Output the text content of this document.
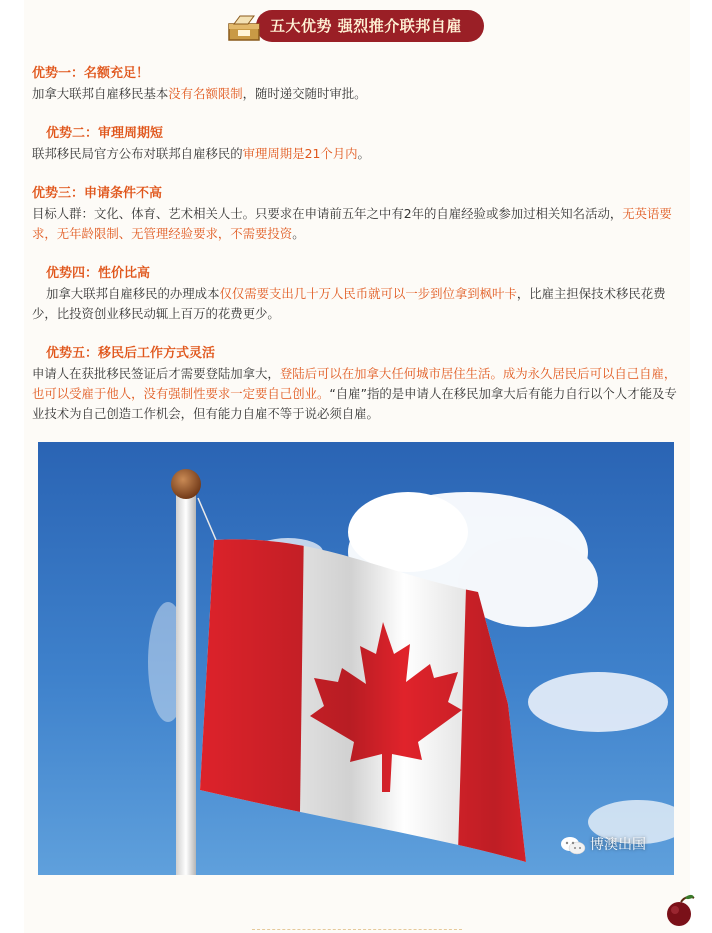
五大优势 强烈推介联邦自雇
优势一：名额充足！

加拿大联邦自雇移民基本没有名额限制，随时递交随时审批。

优势二：审理周期短

联邦移民局官方公布对联邦自雇移民的审理周期是21个月内。

优势三：申请条件不高

目标人群：文化、体育、艺术相关人士。只要求在申请前五年之中有2年的自雇经验或参加过相关知名活动，无英语要求，无年龄限制、无管理经验要求，不需要投资。

优势四：性价比高

加拿大联邦自雇移民的办理成本仅仅需要支出几十万人民币就可以一步到位拿到枫叶卡，比雇主担保技术移民花费少，比投资创业移民动辄上百万的花费更少。

优势五：移民后工作方式灵活

申请人在获批移民签证后才需要登陆加拿大，登陆后可以在加拿大任何城市居住生活。成为永久居民后可以自己自雇，也可以受雇于他人，没有强制性要求一定要自己创业。“自雇”指的是申请人在移民加拿大后有能力自行以个人才能及专业技术为自己创造工作机会，但有能力自雇不等于说必须自雇。

博澳出国
